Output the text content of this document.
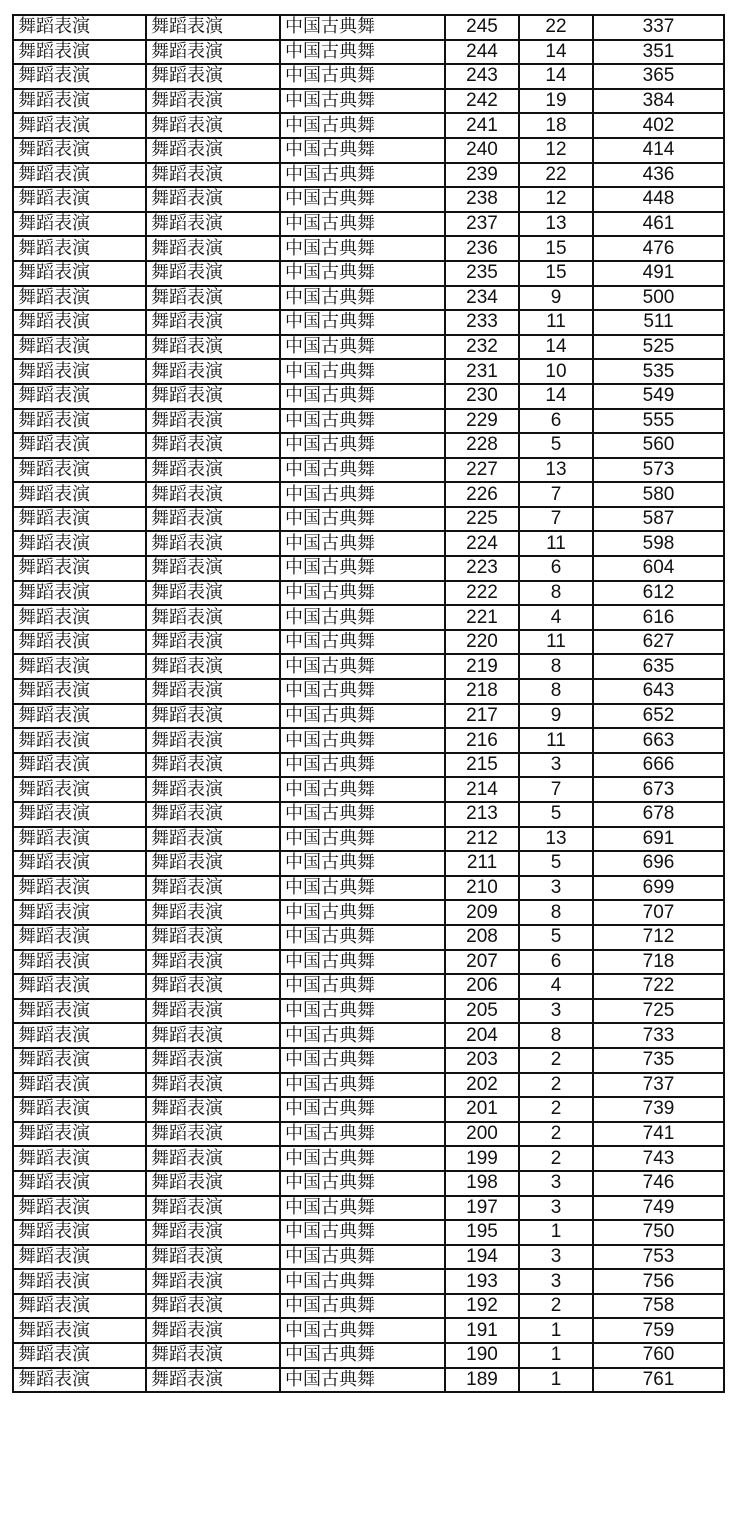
舞蹈表演	舞蹈表演	中国古典舞	245	22	337
舞蹈表演	舞蹈表演	中国古典舞	244	14	351
舞蹈表演	舞蹈表演	中国古典舞	243	14	365
舞蹈表演	舞蹈表演	中国古典舞	242	19	384
舞蹈表演	舞蹈表演	中国古典舞	241	18	402
舞蹈表演	舞蹈表演	中国古典舞	240	12	414
舞蹈表演	舞蹈表演	中国古典舞	239	22	436
舞蹈表演	舞蹈表演	中国古典舞	238	12	448
舞蹈表演	舞蹈表演	中国古典舞	237	13	461
舞蹈表演	舞蹈表演	中国古典舞	236	15	476
舞蹈表演	舞蹈表演	中国古典舞	235	15	491
舞蹈表演	舞蹈表演	中国古典舞	234	9	500
舞蹈表演	舞蹈表演	中国古典舞	233	11	511
舞蹈表演	舞蹈表演	中国古典舞	232	14	525
舞蹈表演	舞蹈表演	中国古典舞	231	10	535
舞蹈表演	舞蹈表演	中国古典舞	230	14	549
舞蹈表演	舞蹈表演	中国古典舞	229	6	555
舞蹈表演	舞蹈表演	中国古典舞	228	5	560
舞蹈表演	舞蹈表演	中国古典舞	227	13	573
舞蹈表演	舞蹈表演	中国古典舞	226	7	580
舞蹈表演	舞蹈表演	中国古典舞	225	7	587
舞蹈表演	舞蹈表演	中国古典舞	224	11	598
舞蹈表演	舞蹈表演	中国古典舞	223	6	604
舞蹈表演	舞蹈表演	中国古典舞	222	8	612
舞蹈表演	舞蹈表演	中国古典舞	221	4	616
舞蹈表演	舞蹈表演	中国古典舞	220	11	627
舞蹈表演	舞蹈表演	中国古典舞	219	8	635
舞蹈表演	舞蹈表演	中国古典舞	218	8	643
舞蹈表演	舞蹈表演	中国古典舞	217	9	652
舞蹈表演	舞蹈表演	中国古典舞	216	11	663
舞蹈表演	舞蹈表演	中国古典舞	215	3	666
舞蹈表演	舞蹈表演	中国古典舞	214	7	673
舞蹈表演	舞蹈表演	中国古典舞	213	5	678
舞蹈表演	舞蹈表演	中国古典舞	212	13	691
舞蹈表演	舞蹈表演	中国古典舞	211	5	696
舞蹈表演	舞蹈表演	中国古典舞	210	3	699
舞蹈表演	舞蹈表演	中国古典舞	209	8	707
舞蹈表演	舞蹈表演	中国古典舞	208	5	712
舞蹈表演	舞蹈表演	中国古典舞	207	6	718
舞蹈表演	舞蹈表演	中国古典舞	206	4	722
舞蹈表演	舞蹈表演	中国古典舞	205	3	725
舞蹈表演	舞蹈表演	中国古典舞	204	8	733
舞蹈表演	舞蹈表演	中国古典舞	203	2	735
舞蹈表演	舞蹈表演	中国古典舞	202	2	737
舞蹈表演	舞蹈表演	中国古典舞	201	2	739
舞蹈表演	舞蹈表演	中国古典舞	200	2	741
舞蹈表演	舞蹈表演	中国古典舞	199	2	743
舞蹈表演	舞蹈表演	中国古典舞	198	3	746
舞蹈表演	舞蹈表演	中国古典舞	197	3	749
舞蹈表演	舞蹈表演	中国古典舞	195	1	750
舞蹈表演	舞蹈表演	中国古典舞	194	3	753
舞蹈表演	舞蹈表演	中国古典舞	193	3	756
舞蹈表演	舞蹈表演	中国古典舞	192	2	758
舞蹈表演	舞蹈表演	中国古典舞	191	1	759
舞蹈表演	舞蹈表演	中国古典舞	190	1	760
舞蹈表演	舞蹈表演	中国古典舞	189	1	761
